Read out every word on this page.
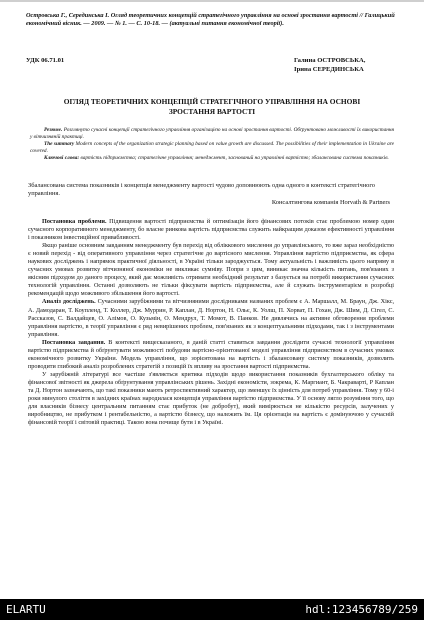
Островська Г., Серединська І. Огляд теоретичних концепцій стратегічного управління на основі зростання вартості // Галицький економічний вісник. — 2009. — № 1. — С. 10-18. — (актуальні питання економічної теорії).
УДК 06.71.01	Галина ОСТРОВСЬКА,
Ірина СЕРЕДИНСЬКА
ОГЛЯД ТЕОРЕТИЧНИХ КОНЦЕПЦІЙ СТРАТЕГІЧНОГО УПРАВЛІННЯ НА ОСНОВІ ЗРОСТАННЯ ВАРТОСТІ

Резюме. Розглянуто сучасні концепції стратегічного управління організацією на основі зростання вартості. Обґрунтовано можливості їх використання у вітчизняній практиці.

The summary Modern concepts of the organization strategic planning based on value growth are discussed. The possibilities of their implementation in Ukraine are covered.

Ключові слова: вартість підприємства; стратегічне управління; менеджмент, заснований на управлінні вартістю; збалансована система показників.

Збалансована система показників і концепція менеджменту вартості чудово доповнюють одна одного в контексті стратегічного управління.
Консалтингова компанія Horvath & Partners

Постановка проблеми. Підвищення вартості підприємства й оптимізація його фінансових потоків стає проблемою номер один сучасного корпоративного менеджменту, бо власне ринкова вартість підприємства служить найкращим доказом ефективності управління і показником інвестиційної привабливості.

Якщо раніше основним завданням менеджменту був перехід від обліккового мислення до управлінського, то вже зараз необхідністю є новий перехід - від оперативного управління через стратегічне до вартісного мислення. Управління вартістю підприємства, як сфера наукових досліджень і напрямок практичної діяльності, в Україні тільки зароджується. Тому актуальність і важливість цього напряму в сучасних умовах розвитку вітчизняної економіки не викликає сумніву. Попри з цим, виникає значна кількість питань, пов'язаних з якісним підходом до даного процесу, який дає можливість отримати необхідний результат з базується на потребі використання сучасних технологій управління. Останні дозволяють не тільки фіксувати вартість підприємства, але й служать інструментарієм в розробці рекомендацій щодо можливого збільшення його вартості.

Аналіз досліджень. Сучасними зарубіжними та вітчизняними дослідниками названих проблем є А. Маршалл, М. Браун, Дж. Хікс, А. Дамодаран, Т. Коупленд, Т. Коллер, Дж. Муррин, Р. Каплан, Д. Нортон, Н. Ольє, К. Уолш, П. Хорват, П. Гохан, Дж. Шим, Д. Сігел, С. Рассказов, С. Валдайцев, О. Алімов, О. Кузьмін, О. Мендрул, Т. Момот, В. Панков. Не дивлячись на активне обговорення проблеми управління вартістю, в теорії управління є ряд невирішених проблем, пов'язаних як з концептуальними підходами, так і з інструментами управління.

Постановка завдання. В контексті вищесказаного, в даній статті ставиться завдання дослідити сучасні технології управління вартістю підприємства й обґрунтувати можливості побудови вартісно-орієнтованої моделі управління підприємством в сучасних умовах економічного розвитку України. Модель управління, що зорієнтована на вартість і збалансовану систему показників, дозволить проводити глибокий аналіз розроблених стратегій з позицій їх впливу на зростання вартості підприємства.

У зарубіжній літературі все частіше з'являється критика підходів щодо використання показників бухгалтерського обліку та фінансової звітності як джерела обґрунтування управлінських рішень. Західні економісти, зокрема, К. Маргиант, Б. Чакраварті, Р Каплан та Д. Нортон зазначають, що такі показники мають ретроспективний характер, що зменшує їх цінність для потреб управління. Тому у 60-і роки минулого століття в західних країнах народилася концепція управління вартістю підприємства. У її основу лягло розуміння того, що для власників бізнесу центральним питанням стає прибуток (не добробут), який вимірюється не кількістю ресурсів, залучених у виробництво, не прибутком і рентабельністю, а вартістю бізнесу, що належить їм. Ця орієнтація на вартість є домінуючою у сучасній фінансовій теорії і світовій практиці. Такою вона почище бути і в Україні.

ELARTU	hdl:123456789/259
